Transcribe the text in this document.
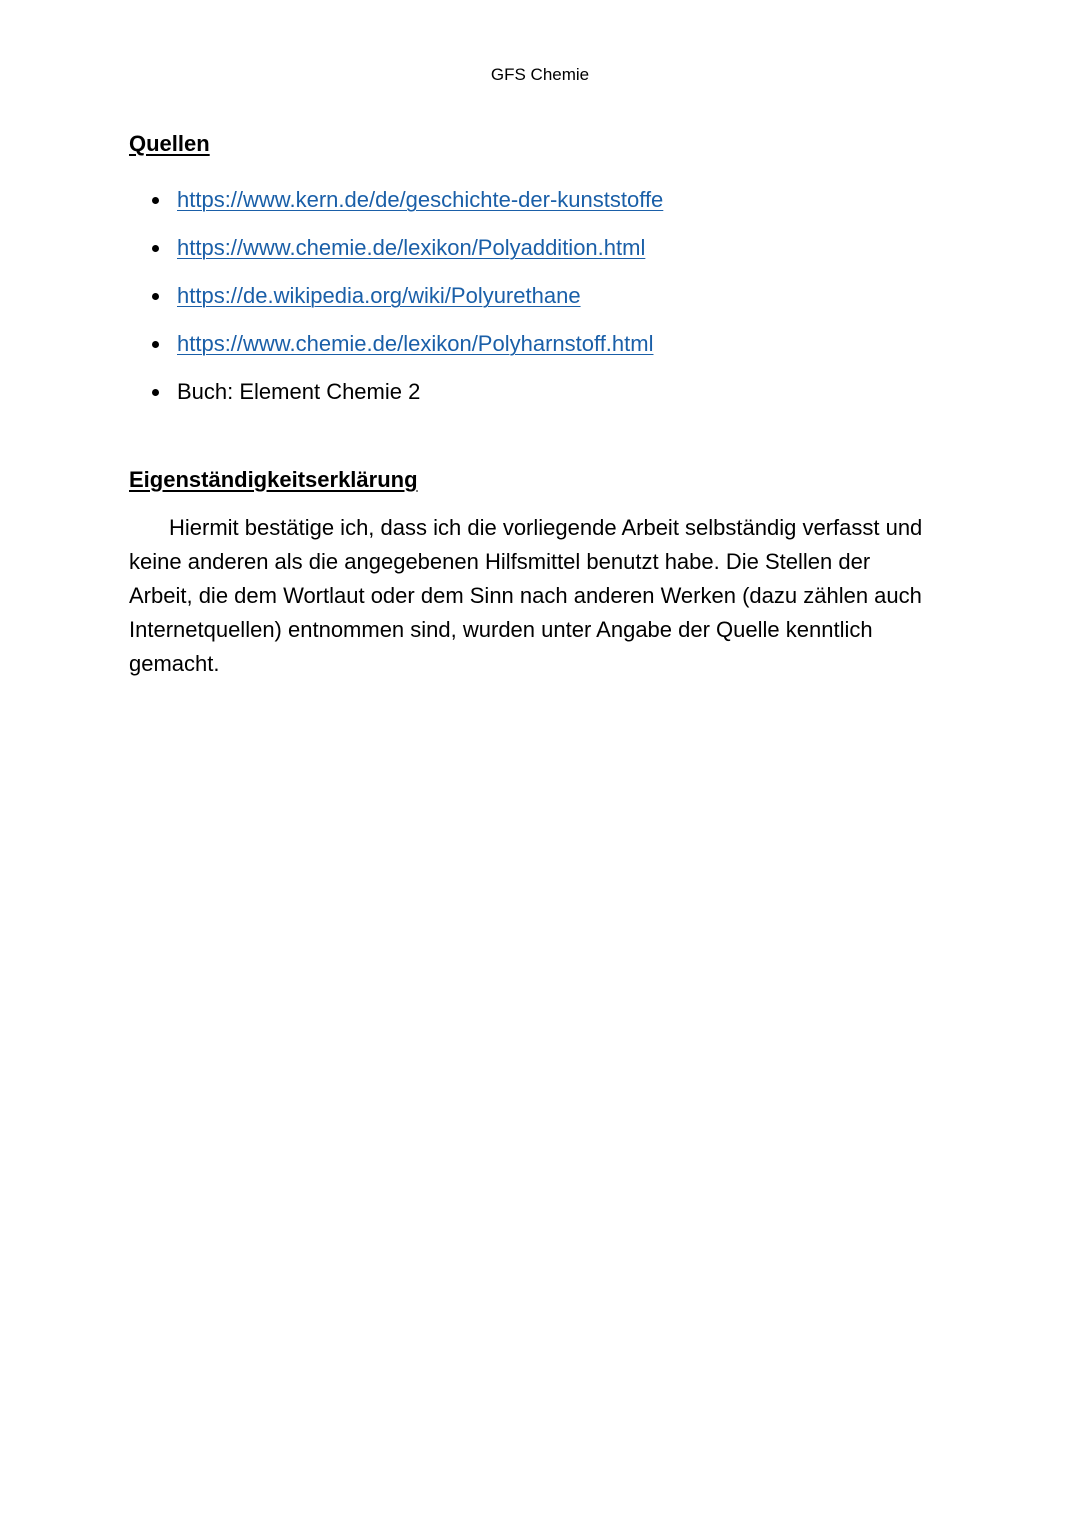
GFS Chemie
Quellen
https://www.kern.de/de/geschichte-der-kunststoffe
https://www.chemie.de/lexikon/Polyaddition.html
https://de.wikipedia.org/wiki/Polyurethane
https://www.chemie.de/lexikon/Polyharnstoff.html
Buch: Element Chemie 2
Eigenständigkeitserklärung

Hiermit bestätige ich, dass ich die vorliegende Arbeit selbständig verfasst und keine anderen als die angegebenen Hilfsmittel benutzt habe. Die Stellen der Arbeit, die dem Wortlaut oder dem Sinn nach anderen Werken (dazu zählen auch Internetquellen) entnommen sind, wurden unter Angabe der Quelle kenntlich gemacht.
